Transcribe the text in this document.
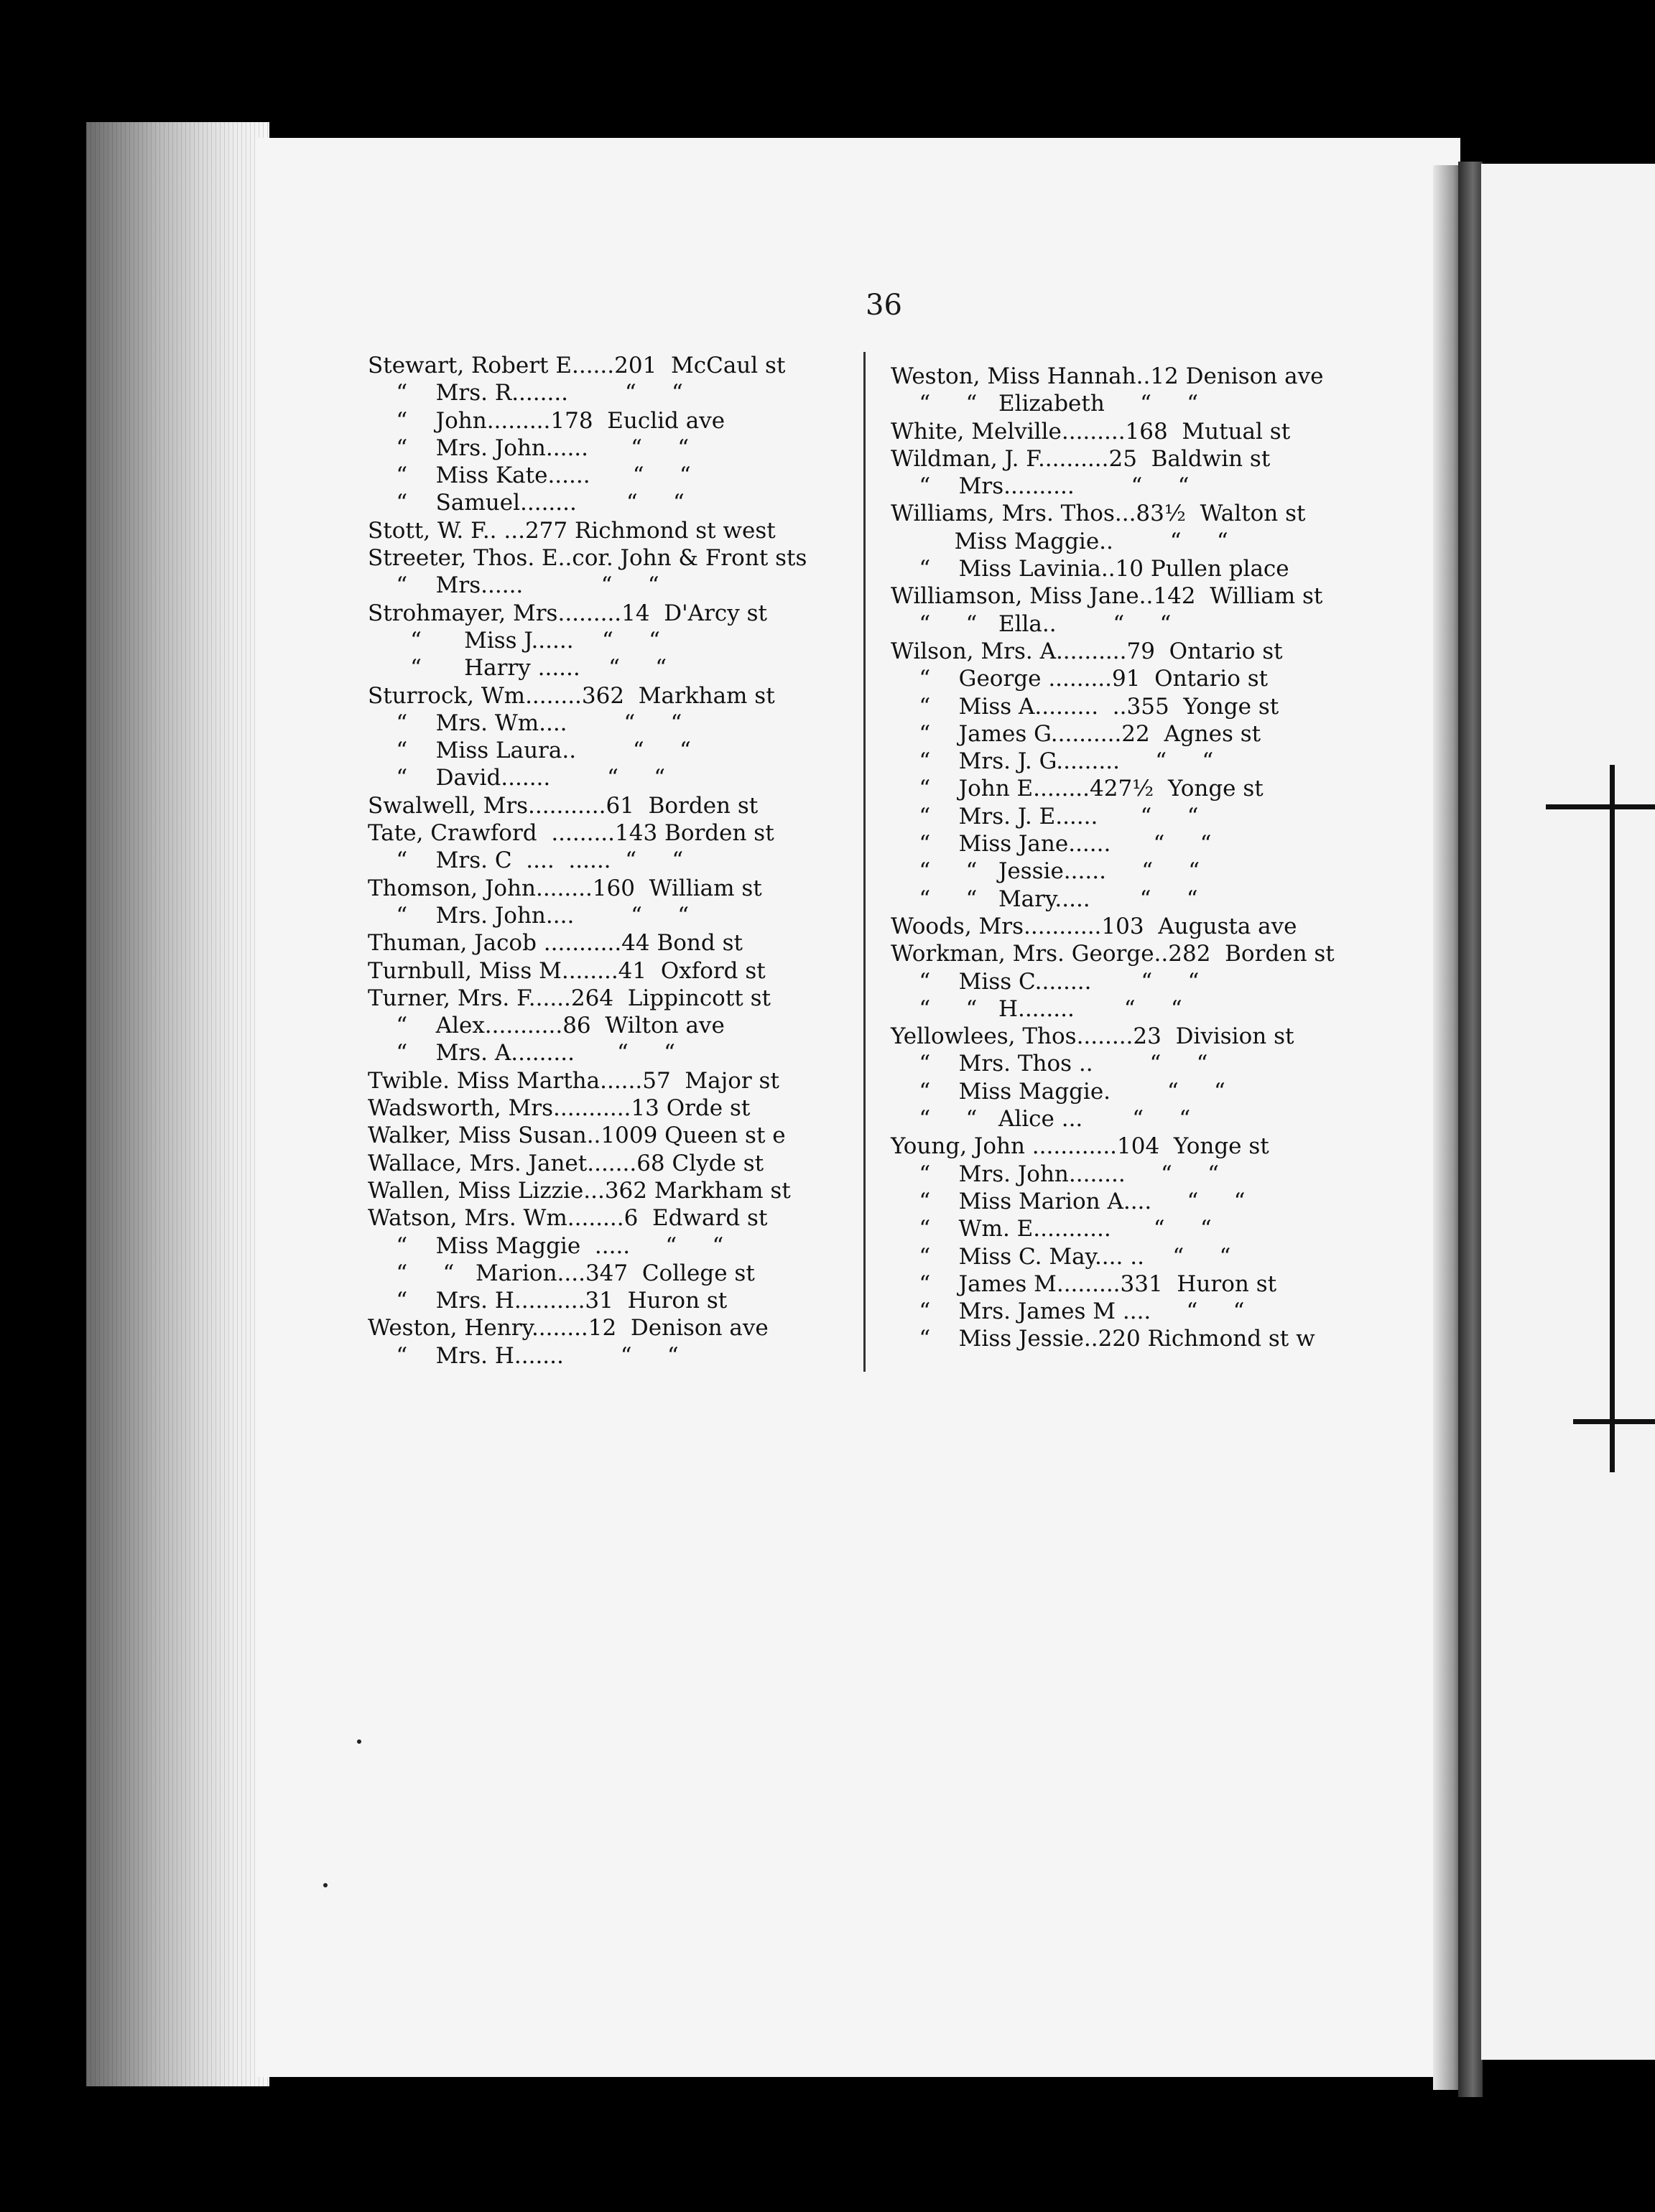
36
Stewart, Robert E......201  McCaul st
“    Mrs. R........        “     “
“    John.........178  Euclid ave
“    Mrs. John......      “     “
“    Miss Kate......      “     “
“    Samuel........       “     “
Stott, W. F.. ...277 Richmond st west
Streeter, Thos. E..cor. John & Front sts
“    Mrs......           “     “
Strohmayer, Mrs.........14  D'Arcy st
“      Miss J......    “     “
“      Harry ......    “     “
Sturrock, Wm........362  Markham st
“    Mrs. Wm....        “     “
“    Miss Laura..        “     “
“    David.......        “     “
Swalwell, Mrs...........61  Borden st
Tate, Crawford  .........143 Borden st
“    Mrs. C  ....  ......  “     “
Thomson, John........160  William st
“    Mrs. John....        “     “
Thuman, Jacob ...........44 Bond st
Turnbull, Miss M........41  Oxford st
Turner, Mrs. F......264  Lippincott st
“    Alex...........86  Wilton ave
“    Mrs. A.........      “     “
Twible. Miss Martha......57  Major st
Wadsworth, Mrs...........13 Orde st
Walker, Miss Susan..1009 Queen st e
Wallace, Mrs. Janet.......68 Clyde st
Wallen, Miss Lizzie...362 Markham st
Watson, Mrs. Wm........6  Edward st
“    Miss Maggie  .....     “     “
“     “   Marion....347  College st
“    Mrs. H..........31  Huron st
Weston, Henry........12  Denison ave
“    Mrs. H.......        “     “
Weston, Miss Hannah..12 Denison ave
“     “   Elizabeth     “     “
White, Melville.........168  Mutual st
Wildman, J. F..........25  Baldwin st
“    Mrs..........        “     “
Williams, Mrs. Thos...83½  Walton st
Miss Maggie..        “     “
“    Miss Lavinia..10 Pullen place
Williamson, Miss Jane..142  William st
“     “   Ella..        “     “
Wilson, Mrs. A..........79  Ontario st
“    George .........91  Ontario st
“    Miss A.........  ..355  Yonge st
“    James G..........22  Agnes st
“    Mrs. J. G.........     “     “
“    John E........427½  Yonge st
“    Mrs. J. E......      “     “
“    Miss Jane......      “     “
“     “   Jessie......     “     “
“     “   Mary.....       “     “
Woods, Mrs...........103  Augusta ave
Workman, Mrs. George..282  Borden st
“    Miss C........       “     “
“     “   H........       “     “
Yellowlees, Thos........23  Division st
“    Mrs. Thos ..        “     “
“    Miss Maggie.        “     “
“     “   Alice ...       “     “
Young, John ............104  Yonge st
“    Mrs. John........     “     “
“    Miss Marion A....     “     “
“    Wm. E...........      “     “
“    Miss C. May.... ..    “     “
“    James M.........331  Huron st
“    Mrs. James M ....     “     “
“    Miss Jessie..220 Richmond st w
